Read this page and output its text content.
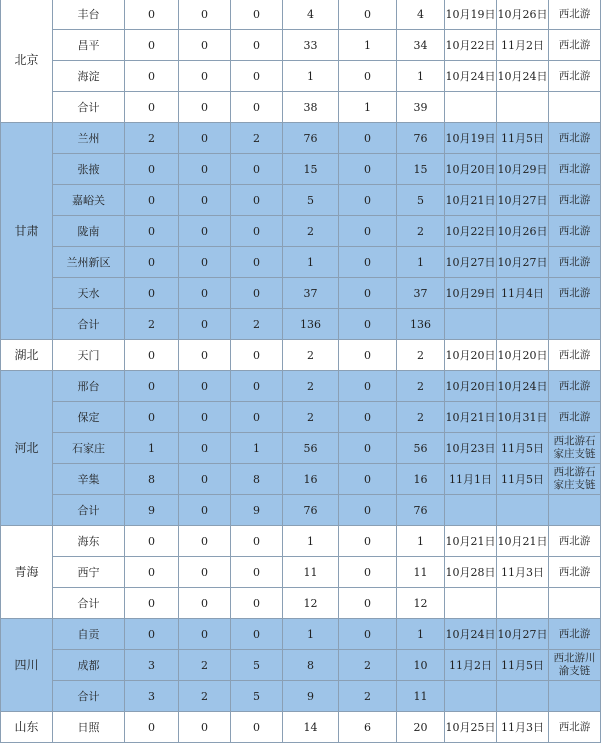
北京	丰台	0	0	0	4	0	4	10月19日	10月26日	西北游
	昌平	0	0	0	33	1	34	10月22日	11月2日	西北游
	海淀	0	0	0	1	0	1	10月24日	10月24日	西北游
	合计	0	0	0	38	1	39			
甘肃	兰州	2	0	2	76	0	76	10月19日	11月5日	西北游
	张掖	0	0	0	15	0	15	10月20日	10月29日	西北游
	嘉峪关	0	0	0	5	0	5	10月21日	10月27日	西北游
	陇南	0	0	0	2	0	2	10月22日	10月26日	西北游
	兰州新区	0	0	0	1	0	1	10月27日	10月27日	西北游
	天水	0	0	0	37	0	37	10月29日	11月4日	西北游
	合计	2	0	2	136	0	136			
湖北	天门	0	0	0	2	0	2	10月20日	10月20日	西北游
河北	邢台	0	0	0	2	0	2	10月20日	10月24日	西北游
	保定	0	0	0	2	0	2	10月21日	10月31日	西北游
	石家庄	1	0	1	56	0	56	10月23日	11月5日	西北游石
家庄支链
	辛集	8	0	8	16	0	16	11月1日	11月5日	西北游石
家庄支链
	合计	9	0	9	76	0	76			
青海	海东	0	0	0	1	0	1	10月21日	10月21日	西北游
	西宁	0	0	0	11	0	11	10月28日	11月3日	西北游
	合计	0	0	0	12	0	12			
四川	自贡	0	0	0	1	0	1	10月24日	10月27日	西北游
	成都	3	2	5	8	2	10	11月2日	11月5日	西北游川
渝支链
	合计	3	2	5	9	2	11			
山东	日照	0	0	0	14	6	20	10月25日	11月3日	西北游
